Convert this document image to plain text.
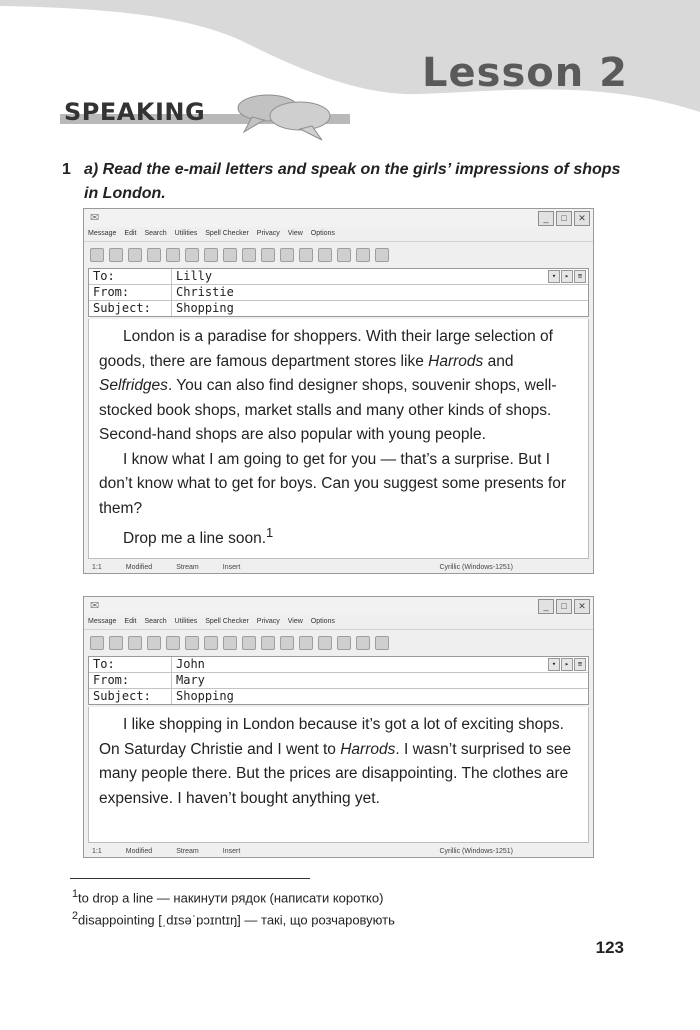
Lesson 2
SPEAKING
1 a) Read the e-mail letters and speak on the girls’ impressions of shops in London.
✉	_	□	✕
Message Edit Search Utilities Spell Checker Privacy View Options
To:	Lilly	▾	▸	≡
From:	Christie
Subject:	Shopping

London is a paradise for shoppers. With their large selection of goods, there are famous department stores like Harrods and Selfridges. You can also find designer shops, souvenir shops, well-stocked book shops, market stalls and many other kinds of shops. Second-hand shops are also popular with young people.

I know what I am going to get for you — that’s a surprise. But I don’t know what to get for boys. Can you suggest some presents for them?

Drop me a line soon.$^1$

1:1	Modified	Stream	Insert	Cyrillic (Windows-1251)
✉	_	□	✕
Message Edit Search Utilities Spell Checker Privacy View Options
To:	John	▾	▸	≡
From:	Mary
Subject:	Shopping

I like shopping in London because it’s got a lot of exciting shops. On Saturday Christie and I went to Harrods. I wasn’t surprised to see many people there. But the prices are disappointing. The clothes are expensive. I haven’t bought anything yet.

1:1	Modified	Stream	Insert	Cyrillic (Windows-1251)
$^1$to drop a line — накинути рядок (написати коротко)
$^2$disappointing [ˌdɪsəˈpɔɪntɪŋ] — такі, що розчаровують
123
